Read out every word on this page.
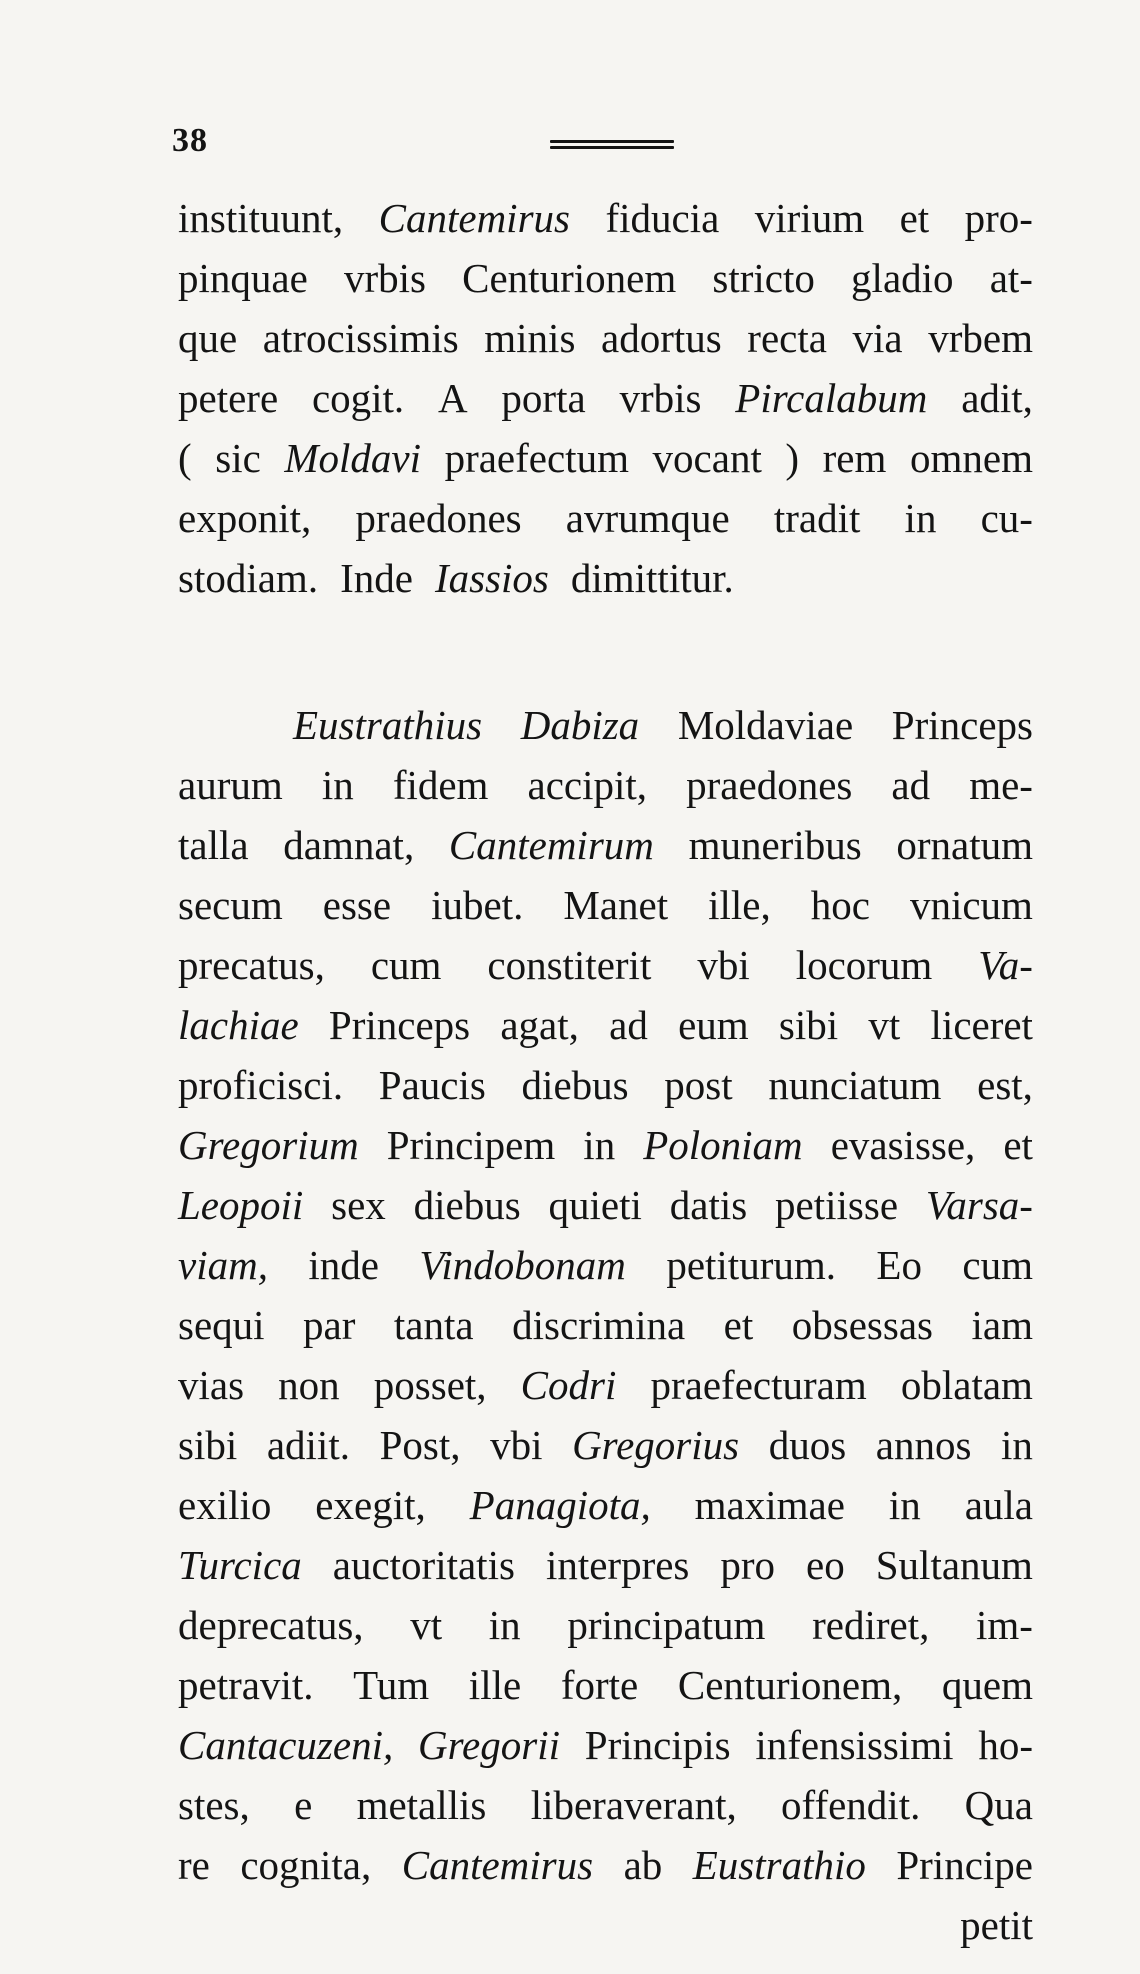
38
instituunt, Cantemirus fiducia virium et pro-
pinquae vrbis Centurionem stricto gladio at-
que atrocissimis minis adortus recta via vrbem
petere cogit. A porta vrbis Pircalabum adit,
( sic Moldavi praefectum vocant ) rem omnem
exponit, praedones avrumque tradit in cu-
stodiam. Inde Iassios dimittitur.
Eustrathius Dabiza Moldaviae Princeps
aurum in fidem accipit, praedones ad me-
talla damnat, Cantemirum muneribus ornatum
secum esse iubet. Manet ille, hoc vnicum
precatus, cum constiterit vbi locorum Va-
lachiae Princeps agat, ad eum sibi vt liceret
proficisci. Paucis diebus post nunciatum est,
Gregorium Principem in Poloniam evasisse, et
Leopoii sex diebus quieti datis petiisse Varsa-
viam, inde Vindobonam petiturum. Eo cum
sequi par tanta discrimina et obsessas iam
vias non posset, Codri praefecturam oblatam
sibi adiit. Post, vbi Gregorius duos annos in
exilio exegit, Panagiota, maximae in aula
Turcica auctoritatis interpres pro eo Sultanum
deprecatus, vt in principatum rediret, im-
petravit. Tum ille forte Centurionem, quem
Cantacuzeni, Gregorii Principis infensissimi ho-
stes, e metallis liberaverant, offendit. Qua
re cognita, Cantemirus ab Eustrathio Principe
petit
